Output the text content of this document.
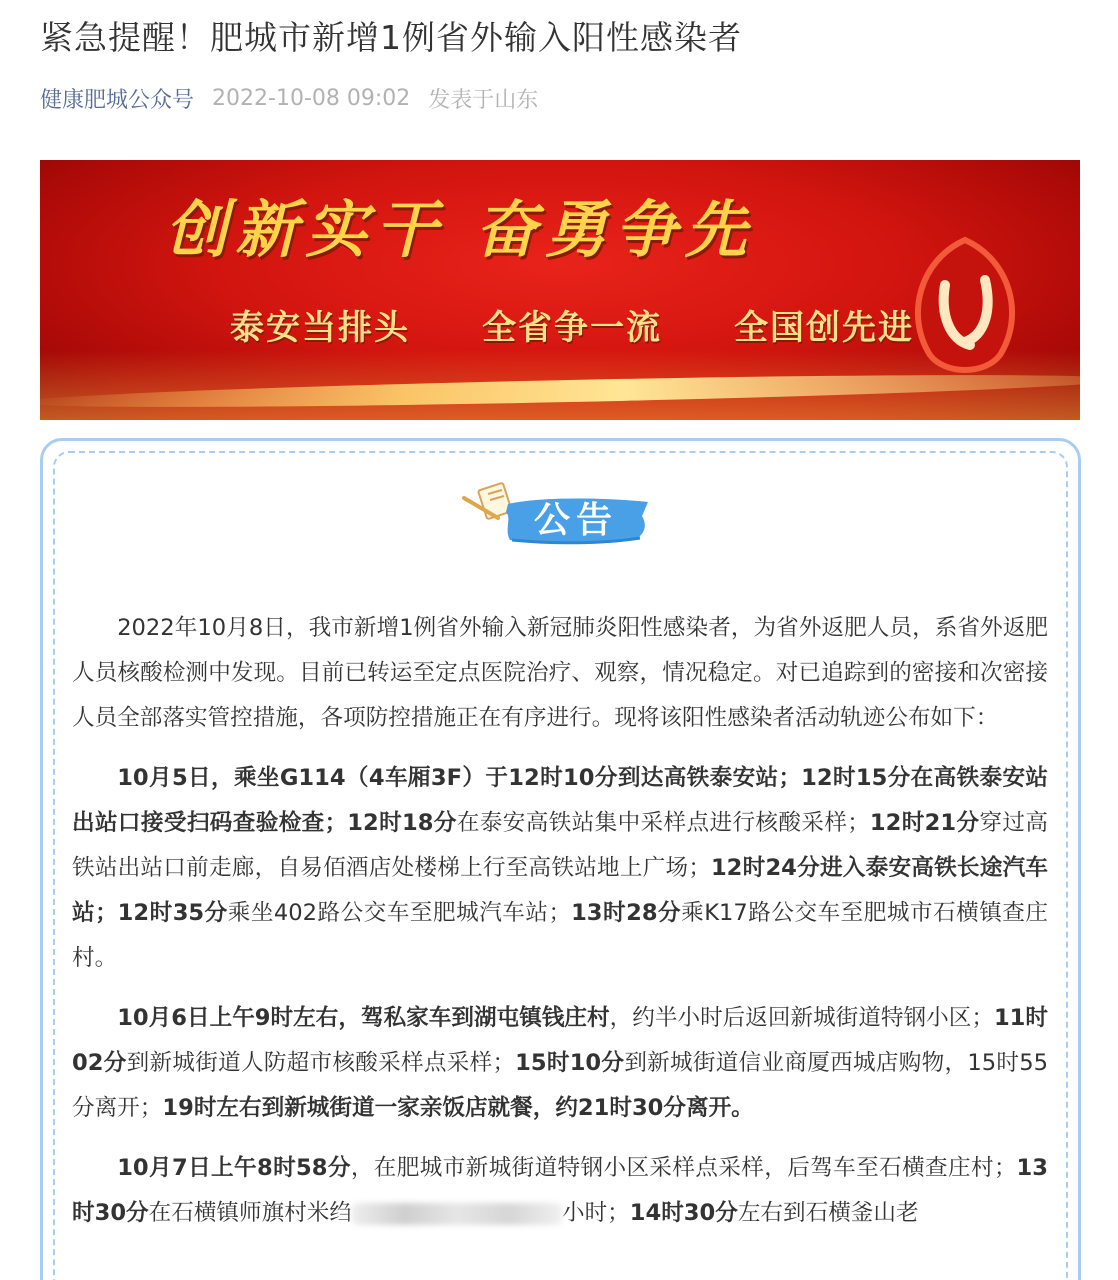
紧急提醒！肥城市新增1例省外输入阳性感染者
健康肥城公众号 2022-10-08 09:02 发表于山东
创新实干 奋勇争先
泰安当排头 全省争一流 全国创先进
公告

2022年10月8日，我市新增1例省外输入新冠肺炎阳性感染者，为省外返肥人员，系省外返肥人员核酸检测中发现。目前已转运至定点医院治疗、观察，情况稳定。对已追踪到的密接和次密接人员全部落实管控措施，各项防控措施正在有序进行。现将该阳性感染者活动轨迹公布如下：

10月5日，乘坐G114（4车厢3F）于12时10分到达高铁泰安站；12时15分在高铁泰安站出站口接受扫码查验检查；12时18分在泰安高铁站集中采样点进行核酸采样；12时21分穿过高铁站出站口前走廊，自易佰酒店处楼梯上行至高铁站地上广场；12时24分进入泰安高铁长途汽车站；12时35分乘坐402路公交车至肥城汽车站；13时28分乘K17路公交车至肥城市石横镇查庄村。

10月6日上午9时左右，驾私家车到湖屯镇钱庄村，约半小时后返回新城街道特钢小区；11时02分到新城街道人防超市核酸采样点采样；15时10分到新城街道信业商厦西城店购物，15时55分离开；19时左右到新城街道一家亲饭店就餐，约21时30分离开。

10月7日上午8时58分，在肥城市新城街道特钢小区采样点采样，后驾车至石横查庄村；13时30分在石横镇师旗村米绉	小时；14时30分左右到石横釜山老
